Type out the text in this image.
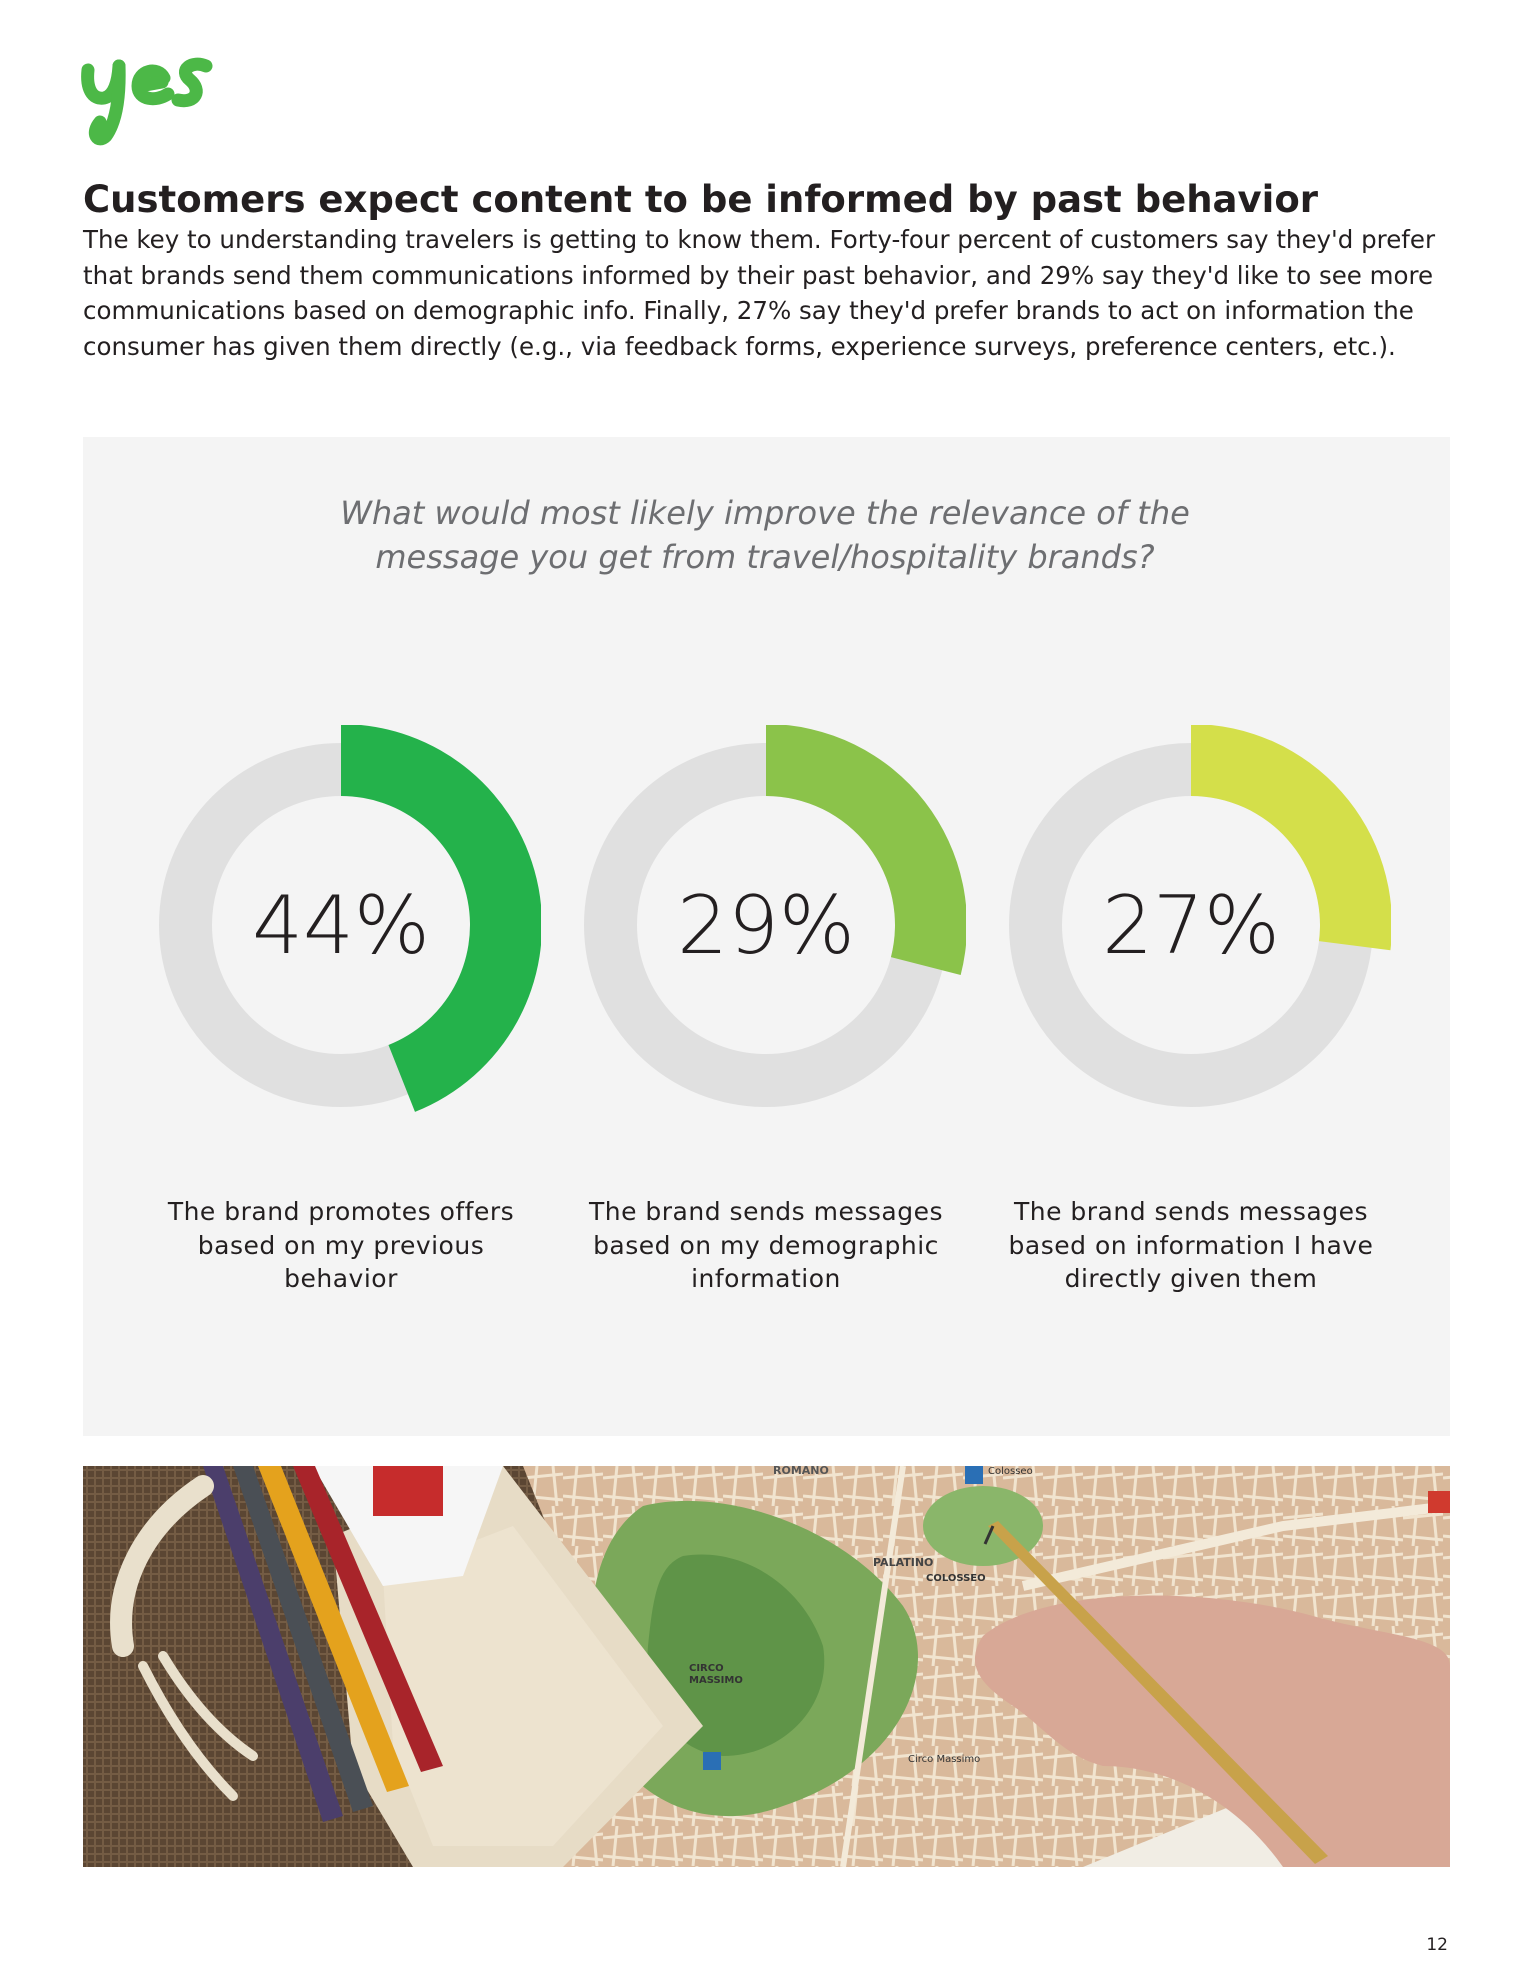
Customers expect content to be informed by past behavior

The key to understanding travelers is getting to know them. Forty-four percent of customers say they'd prefer that brands send them communications informed by their past behavior, and 29% say they'd like to see more communications based on demographic info. Finally, 27% say they'd prefer brands to act on information the consumer has given them directly (e.g., via feedback forms, experience surveys, preference centers, etc.).

What would most likely improve the relevance of the message you get from travel/hospitality brands?

44%	29%	27%

The brand promotes offers based on my previous behavior

The brand sends messages based on my demographic information

The brand sends messages based on information I have directly given them

ROMANO
PALATINO
COLOSSEO
CIRCO
MASSIMO
Circo Massimo
Colosseo
12
